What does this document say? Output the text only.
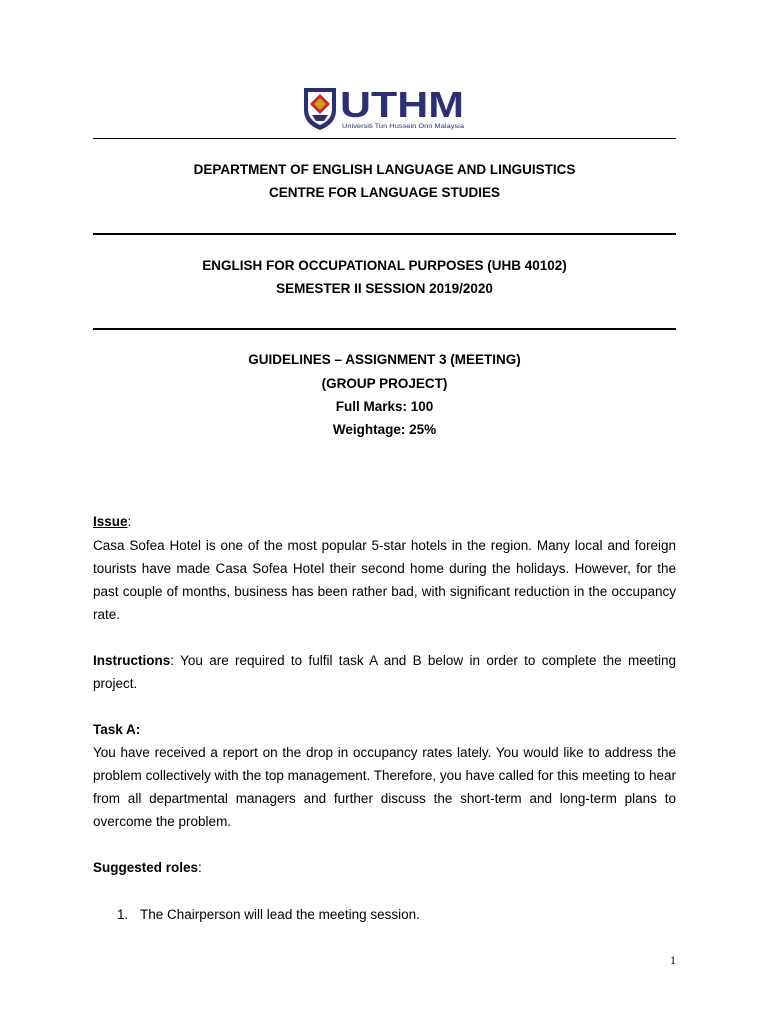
UTHM
Universiti Tun Hussein Onn Malaysia
DEPARTMENT OF ENGLISH LANGUAGE AND LINGUISTICS
CENTRE FOR LANGUAGE STUDIES
ENGLISH FOR OCCUPATIONAL PURPOSES (UHB 40102)
SEMESTER II SESSION 2019/2020
GUIDELINES – ASSIGNMENT 3 (MEETING)
(GROUP PROJECT)
Full Marks: 100
Weightage: 25%
Issue:
Casa Sofea Hotel is one of the most popular 5-star hotels in the region. Many local and foreign tourists have made Casa Sofea Hotel their second home during the holidays. However, for the past couple of months, business has been rather bad, with significant reduction in the occupancy rate.
Instructions: You are required to fulfil task A and B below in order to complete the meeting project.
Task A:
You have received a report on the drop in occupancy rates lately. You would like to address the problem collectively with the top management. Therefore, you have called for this meeting to hear from all departmental managers and further discuss the short-term and long-term plans to overcome the problem.
Suggested roles:
1. The Chairperson will lead the meeting session.
1
